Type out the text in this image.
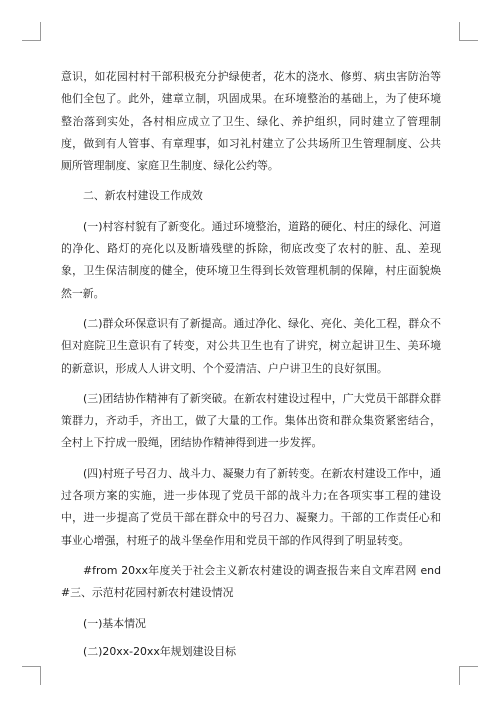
意识，如花园村村干部积极充分护绿使者，花木的浇水、修剪、病虫害防治等他们全包了。此外，建章立制，巩固成果。在环境整治的基础上，为了使环境整治落到实处，各村相应成立了卫生、绿化、养护组织，同时建立了管理制度，做到有人管事、有章理事，如习礼村建立了公共场所卫生管理制度、公共厕所管理制度、家庭卫生制度、绿化公约等。

二、新农村建设工作成效

(一)村容村貌有了新变化。通过环境整治，道路的硬化、村庄的绿化、河道的净化、路灯的亮化以及断墙残壁的拆除，彻底改变了农村的脏、乱、差现象，卫生保洁制度的健全，使环境卫生得到长效管理机制的保障，村庄面貌焕然一新。

(二)群众环保意识有了新提高。通过净化、绿化、亮化、美化工程，群众不但对庭院卫生意识有了转变，对公共卫生也有了讲究，树立起讲卫生、美环境的新意识，形成人人讲文明、个个爱清洁、户户讲卫生的良好氛围。

(三)团结协作精神有了新突破。在新农村建设过程中，广大党员干部群众群策群力，齐动手，齐出工，做了大量的工作。集体出资和群众集资紧密结合，全村上下拧成一股绳，团结协作精神得到进一步发挥。

(四)村班子号召力、战斗力、凝聚力有了新转变。在新农村建设工作中，通过各项方案的实施，进一步体现了党员干部的战斗力;在各项实事工程的建设中，进一步提高了党员干部在群众中的号召力、凝聚力。干部的工作责任心和事业心增强，村班子的战斗堡垒作用和党员干部的作风得到了明显转变。

#from 20xx年度关于社会主义新农村建设的调查报告来自文库君网 end#三、示范村花园村新农村建设情况

(一)基本情况

(二)20xx-20xx年规划建设目标
